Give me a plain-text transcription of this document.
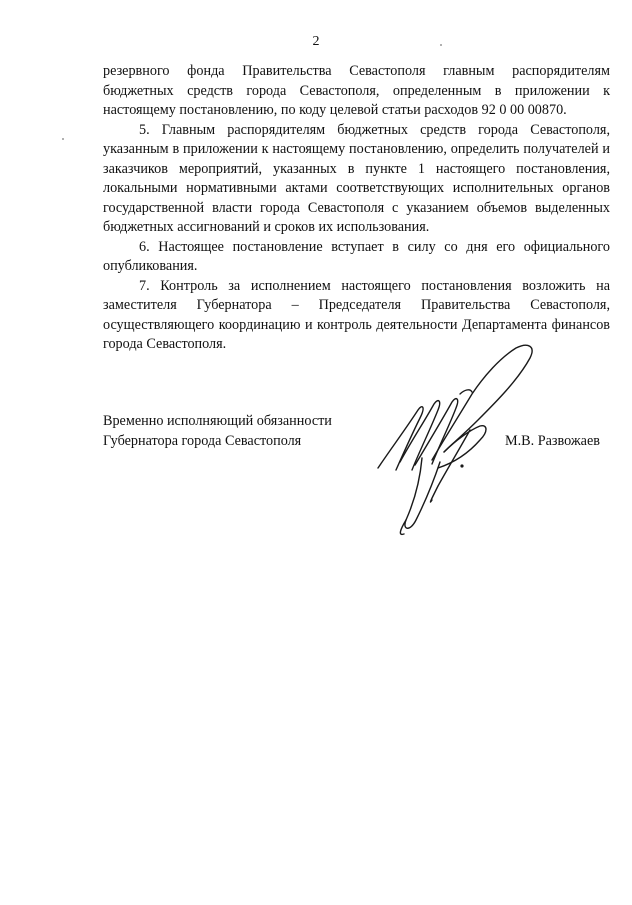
2

резервного фонда Правительства Севастополя главным распорядителям бюджетных средств города Севастополя, определенным в приложении к настоящему постановлению, по коду целевой статьи расходов 92 0 00 00870.

5. Главным распорядителям бюджетных средств города Севастополя, указанным в приложении к настоящему постановлению, определить получателей и заказчиков мероприятий, указанных в пункте 1 настоящего постановления, локальными нормативными актами соответствующих исполнительных органов государственной власти города Севастополя с указанием объемов выделенных бюджетных ассигнований и сроков их использования.

6. Настоящее постановление вступает в силу со дня его официального опубликования.

7. Контроль за исполнением настоящего постановления возложить на заместителя Губернатора – Председателя Правительства Севастополя, осуществляющего координацию и контроль деятельности Департамента финансов города Севастополя.

Временно исполняющий обязанности
Губернатора города Севастополя	М.В. Развожаев
